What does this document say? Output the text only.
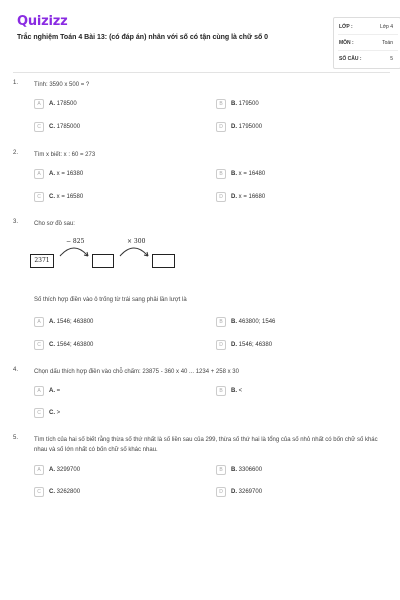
Quizizz
Trắc nghiệm Toán 4 Bài 13: (có đáp án) nhân với số có tận cùng là chữ số 0
LỚP :	Lớp 4
MÔN :	Toán
SỐ CÂU :	5
1.	Tính: 3590 x 500 = ?
A	A. 178500	B	B. 179500
C	C. 1785000	D	D. 1795000
2.	Tìm x biết: x : 60 = 273
A	A. x = 16380	B	B. x = 16480
C	C. x = 16580	D	D. x = 16680
3.	Cho sơ đồ sau:
2371
− 825	× 300
Số thích hợp điền vào ô trống từ trái sang phải lần lượt là
A	A. 1546; 463800	B	B. 463800; 1546
C	C. 1564; 463800	D	D. 1546; 46380
4.	Chọn dấu thích hợp điền vào chỗ chấm: 23875 - 360 x 40 ... 1234 + 258 x 30
A	A. =	B	B. <
C	C. >
5.	Tìm tích của hai số biết rằng thừa số thứ nhất là số liền sau của 299, thừa số thứ hai là tổng của số nhỏ nhất có bốn chữ số khác nhau và số lớn nhất có bốn chữ số khác nhau.
A	A. 3299700	B	B. 3306600
C	C. 3262800	D	D. 3269700
